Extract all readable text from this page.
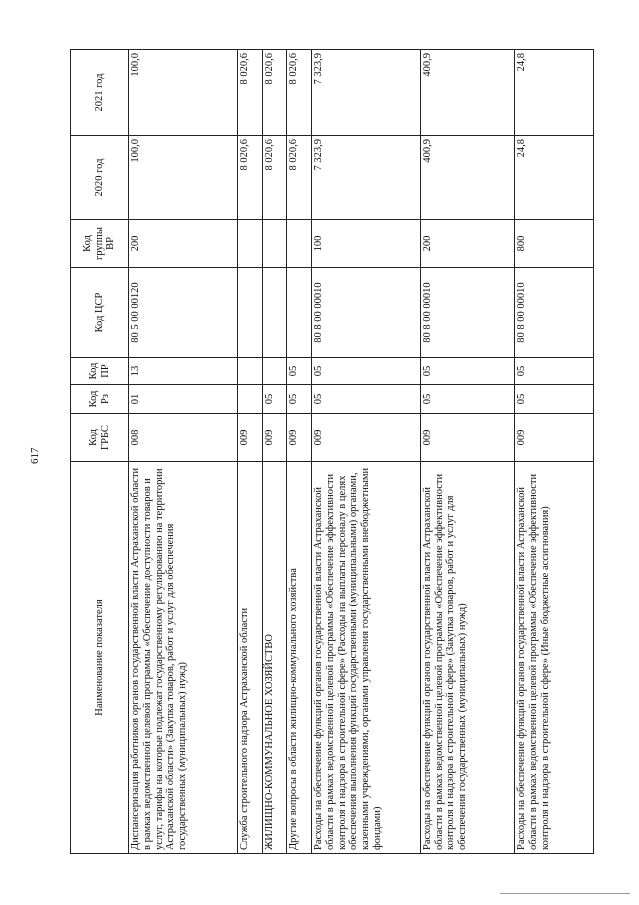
617
Наименование показателя	Код ГРБС	Код Рз	Код ПР	Код ЦСР	Код группы ВР	2020 год	2021 год
Диспансеризация работников органов государственной власти Астраханской области в рамках ведомственной целевой программы «Обеспечение доступности товаров и услуг, тарифы на которые подлежат государственному регулированию на территории Астраханской области» (Закупка товаров, работ и услуг для обеспечения государственных (муниципальных) нужд)	008	01	13	80 5 00 00120	200	100,0	100,0
Служба строительного надзора Астраханской области	009					8 020,6	8 020,6
ЖИЛИЩНО-КОММУНАЛЬНОЕ ХОЗЯЙСТВО	009	05				8 020,6	8 020,6
Другие вопросы в области жилищно-коммунального хозяйства	009	05	05			8 020,6	8 020,6
Расходы на обеспечение функций органов государственной власти Астраханской области в рамках ведомственной целевой программы «Обеспечение эффективности контроля и надзора в строительной сфере» (Расходы на выплаты персоналу в целях обеспечения выполнения функций государственными (муниципальными) органами, казенными учреждениями, органами управления государственными внебюджетными фондами)	009	05	05	80 8 00 00010	100	7 323,9	7 323,9
Расходы на обеспечение функций органов государственной власти Астраханской области в рамках ведомственной целевой программы «Обеспечение эффективности контроля и надзора в строительной сфере» (Закупка товаров, работ и услуг для обеспечения государственных (муниципальных) нужд)	009	05	05	80 8 00 00010	200	400,9	400,9
Расходы на обеспечение функций органов государственной власти Астраханской области в рамках ведомственной целевой программы «Обеспечение эффективности контроля и надзора в строительной сфере» (Иные бюджетные ассигнования)	009	05	05	80 8 00 00010	800	24,8	24,8
